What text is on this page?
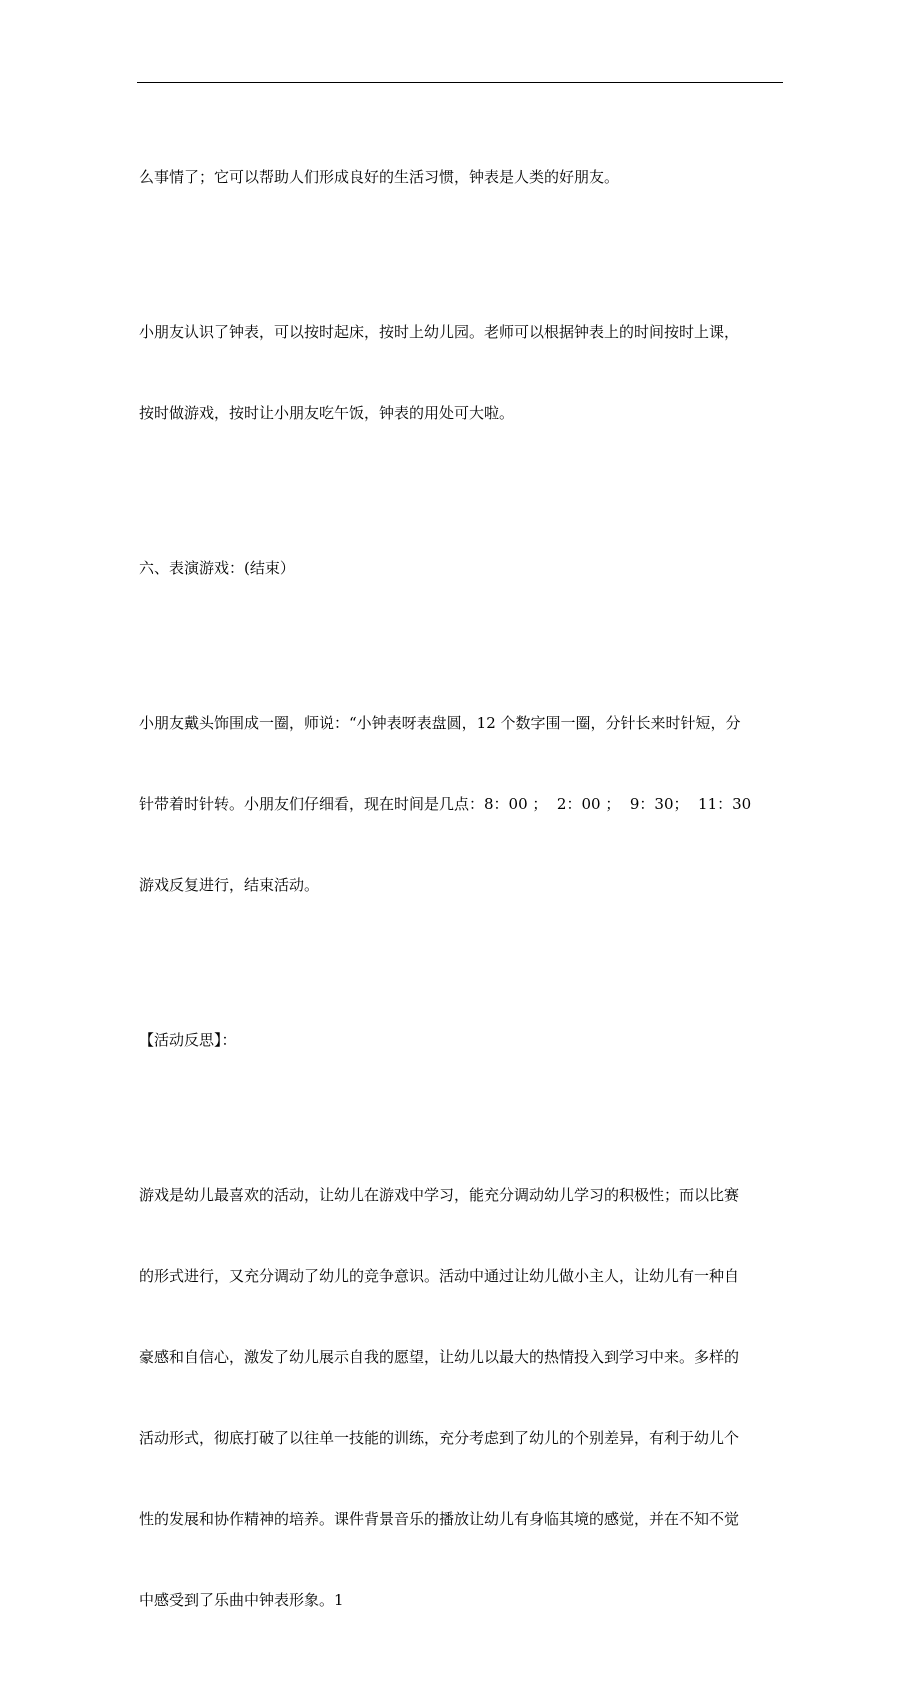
么事情了；它可以帮助人们形成良好的生活习惯，钟表是人类的好朋友。

小朋友认识了钟表，可以按时起床，按时上幼儿园。老师可以根据钟表上的时间按时上课，

按时做游戏，按时让小朋友吃午饭，钟表的用处可大啦。

六、表演游戏：(结束）

小朋友戴头饰围成一圈，师说：“小钟表呀表盘圆，12 个数字围一圈，分针长来时针短，分

针带着时针转。小朋友们仔细看，现在时间是几点：8：00 ；  2：00 ；  9：30；  11：30

游戏反复进行，结束活动。

【活动反思】：

游戏是幼儿最喜欢的活动，让幼儿在游戏中学习，能充分调动幼儿学习的积极性；而以比赛

的形式进行，又充分调动了幼儿的竞争意识。活动中通过让幼儿做小主人，让幼儿有一种自

豪感和自信心，激发了幼儿展示自我的愿望，让幼儿以最大的热情投入到学习中来。多样的

活动形式，彻底打破了以往单一技能的训练，充分考虑到了幼儿的个别差异，有利于幼儿个

性的发展和协作精神的培养。课件背景音乐的播放让幼儿有身临其境的感觉，并在不知不觉

中感受到了乐曲中钟表形象。1
